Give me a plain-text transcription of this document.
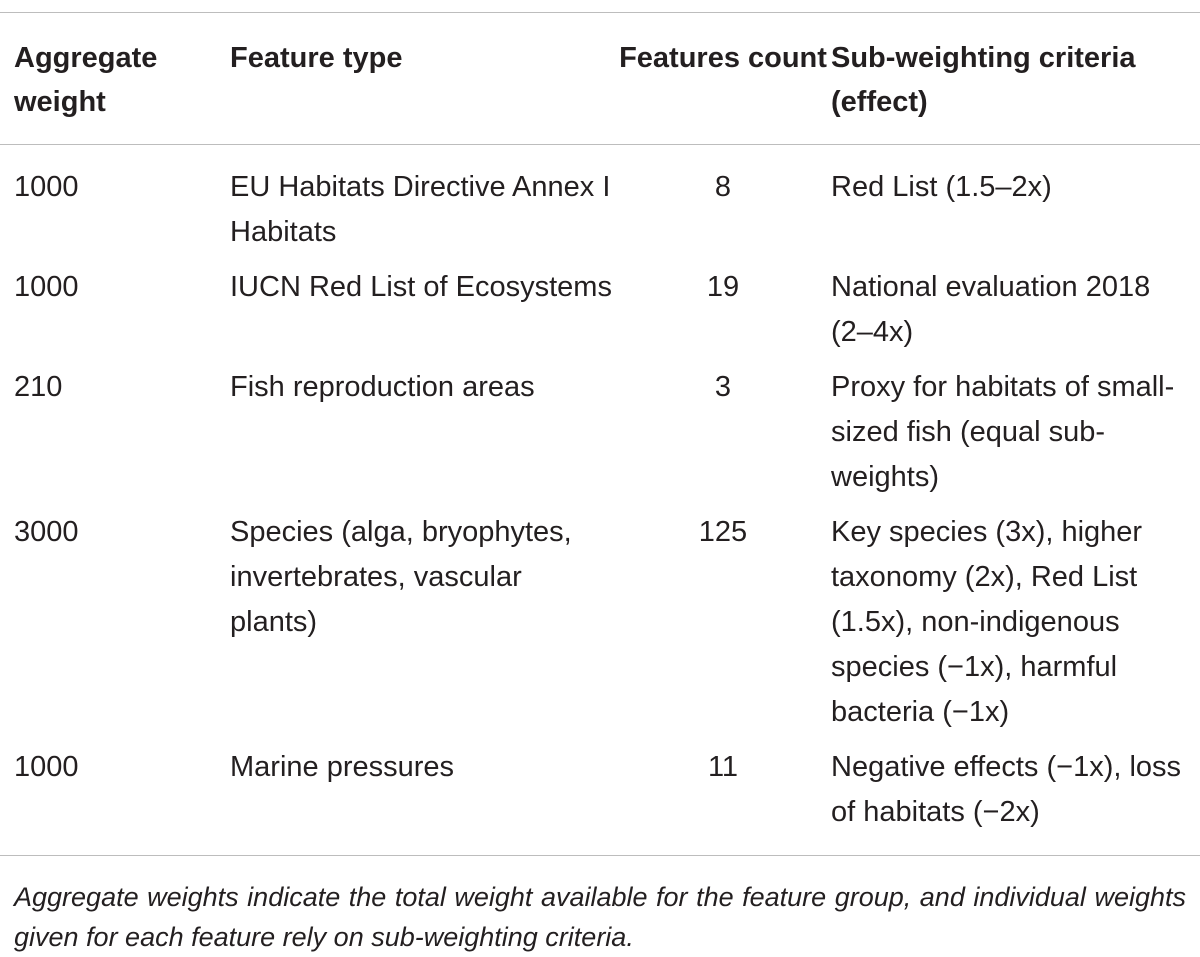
Aggregate weight	Feature type	Features count	Sub-weighting criteria (effect)
1000	EU Habitats Directive Annex I Habitats	8	Red List (1.5–2x)
1000	IUCN Red List of Ecosystems	19	National evaluation 2018 (2–4x)
210	Fish reproduction areas	3	Proxy for habitats of small-sized fish (equal sub-weights)
3000	Species (alga, bryophytes, invertebrates, vascular plants)	125	Key species (3x), higher taxonomy (2x), Red List (1.5x), non-indigenous species (−1x), harmful bacteria (−1x)
1000	Marine pressures	11	Negative effects (−1x), loss of habitats (−2x)

Aggregate weights indicate the total weight available for the feature group, and individual weights given for each feature rely on sub-weighting criteria.
